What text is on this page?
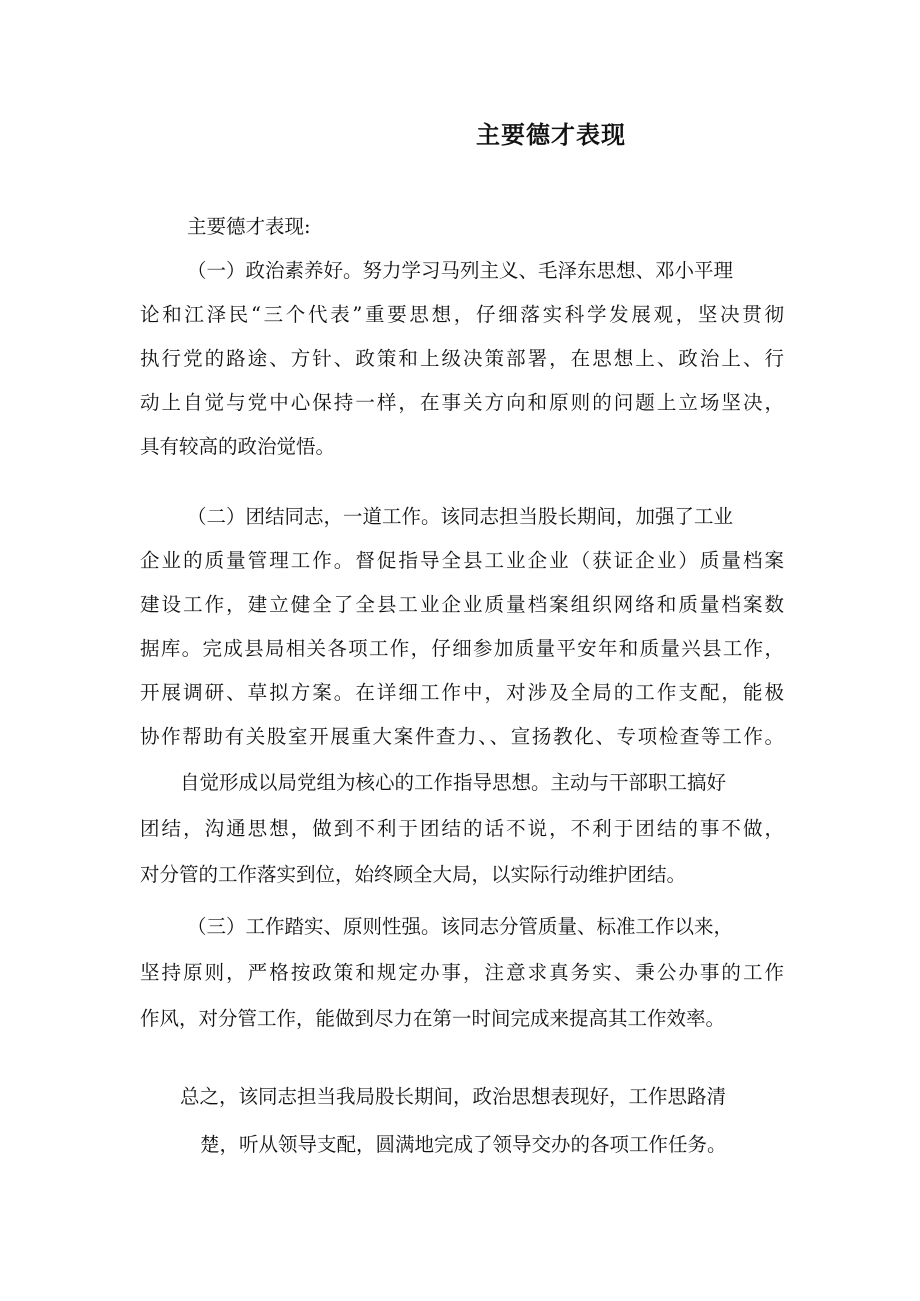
主要德才表现
主要德才表现:
（一）政治素养好。努力学习马列主义、毛泽东思想、邓小平理
论和江泽民“三个代表”重要思想，仔细落实科学发展观，坚决贯彻
执行党的路途、方针、政策和上级决策部署，在思想上、政治上、行
动上自觉与党中心保持一样，在事关方向和原则的问题上立场坚决，
具有较高的政治觉悟。
（二）团结同志，一道工作。该同志担当股长期间，加强了工业
企业的质量管理工作。督促指导全县工业企业（获证企业）质量档案
建设工作，建立健全了全县工业企业质量档案组织网络和质量档案数
据库。完成县局相关各项工作，仔细参加质量平安年和质量兴县工作，
开展调研、草拟方案。在详细工作中，对涉及全局的工作支配，能极
协作帮助有关股室开展重大案件查力、、宣扬教化、专项检查等工作。
自觉形成以局党组为核心的工作指导思想。主动与干部职工搞好
团结，沟通思想，做到不利于团结的话不说，不利于团结的事不做，
对分管的工作落实到位，始终顾全大局，以实际行动维护团结。
（三）工作踏实、原则性强。该同志分管质量、标准工作以来，
坚持原则，严格按政策和规定办事，注意求真务实、秉公办事的工作
作风，对分管工作，能做到尽力在第一时间完成来提高其工作效率。
总之，该同志担当我局股长期间，政治思想表现好，工作思路清
楚，听从领导支配，圆满地完成了领导交办的各项工作任务。
